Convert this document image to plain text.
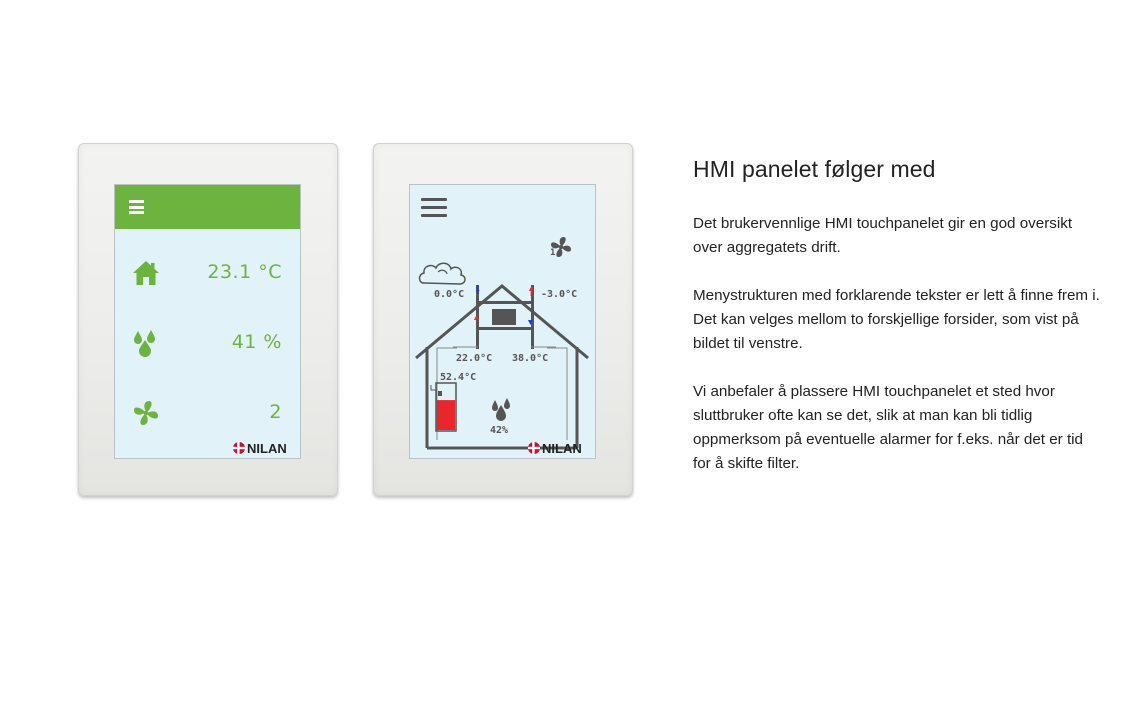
23.1 °C
41 %
2
NILAN
1
0.0°C	-3.0°C
22.0°C 38.0°C
52.4°C
42%
NILAN
HMI panelet følger med

Det brukervennlige HMI touchpanelet gir en god oversikt over aggregatets drift.

Menystrukturen med forklarende tekster er lett å finne frem i. Det kan velges mellom to forskjellige forsider, som vist på bildet til venstre.

Vi anbefaler å plassere HMI touchpanelet et sted hvor sluttbruker ofte kan se det, slik at man kan bli tidlig oppmerksom på eventuelle alarmer for f.eks. når det er tid for å skifte filter.
